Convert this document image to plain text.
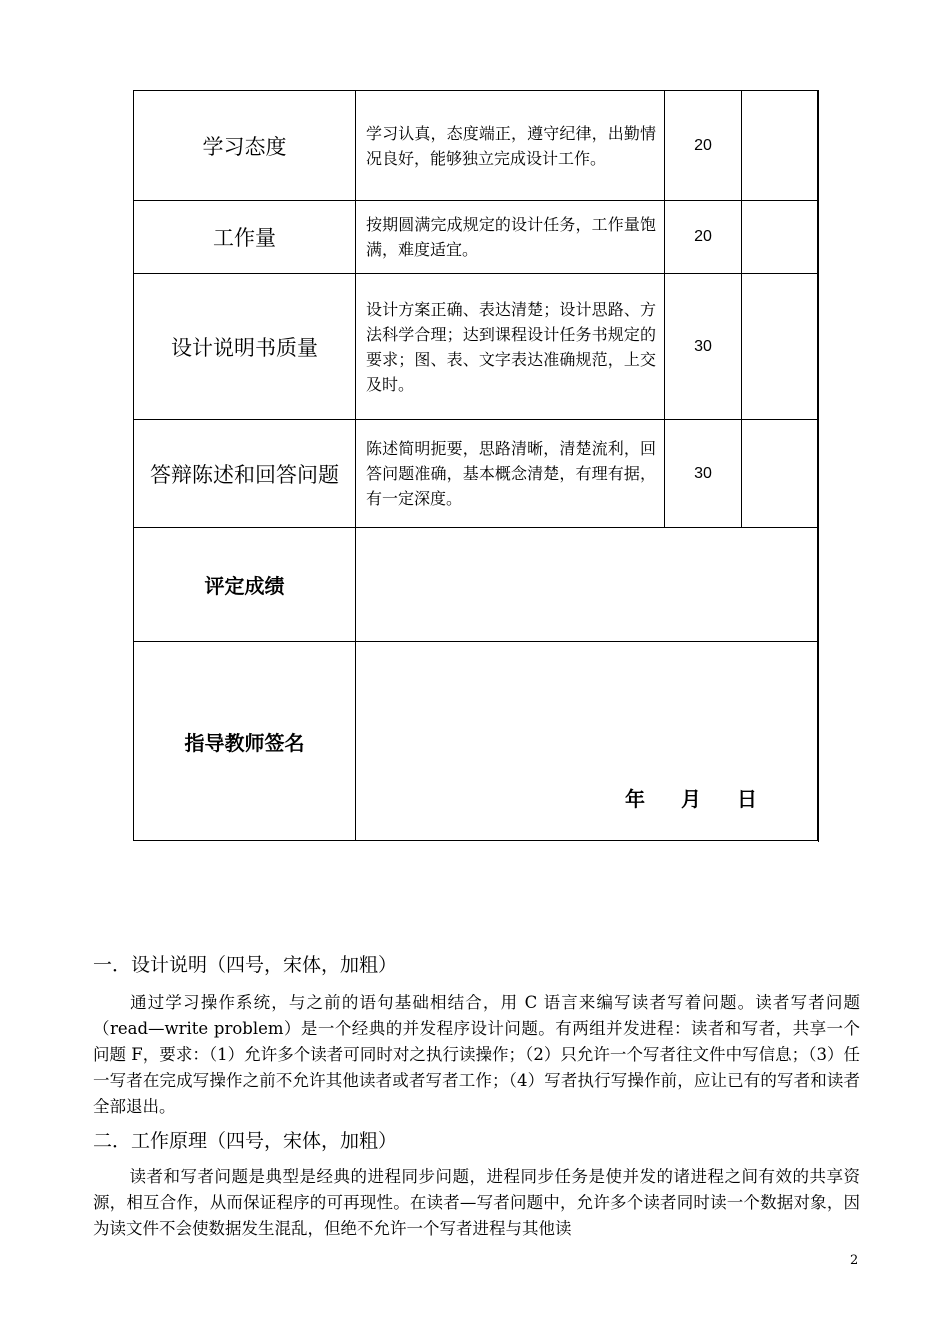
学习态度	学习认真，态度端正，遵守纪律，出勤情况良好，能够独立完成设计工作。	20	
工作量	按期圆满完成规定的设计任务，工作量饱满，难度适宜。	20	
设计说明书质量	设计方案正确、表达清楚；设计思路、方法科学合理；达到课程设计任务书规定的要求；图、表、文字表达准确规范，上交及时。	30	
答辩陈述和回答问题	陈述简明扼要，思路清晰，清楚流利，回答问题准确，基本概念清楚，有理有据，有一定深度。	30	
评定成绩			
指导教师签名	年 月 日		
一．设计说明（四号，宋体，加粗）
通过学习操作系统，与之前的语句基础相结合，用 C 语言来编写读者写着问题。读者写者问题（read—write problem）是一个经典的并发程序设计问题。有两组并发进程：读者和写者，共享一个问题 F，要求：（1）允许多个读者可同时对之执行读操作；（2）只允许一个写者往文件中写信息；（3）任一写者在完成写操作之前不允许其他读者或者写者工作；（4）写者执行写操作前，应让已有的写者和读者全部退出。
二．工作原理（四号，宋体，加粗）
读者和写者问题是典型是经典的进程同步问题，进程同步任务是使并发的诸进程之间有效的共享资源，相互合作，从而保证程序的可再现性。在读者—写者问题中，允许多个读者同时读一个数据对象，因为读文件不会使数据发生混乱，但绝不允许一个写者进程与其他读
2
